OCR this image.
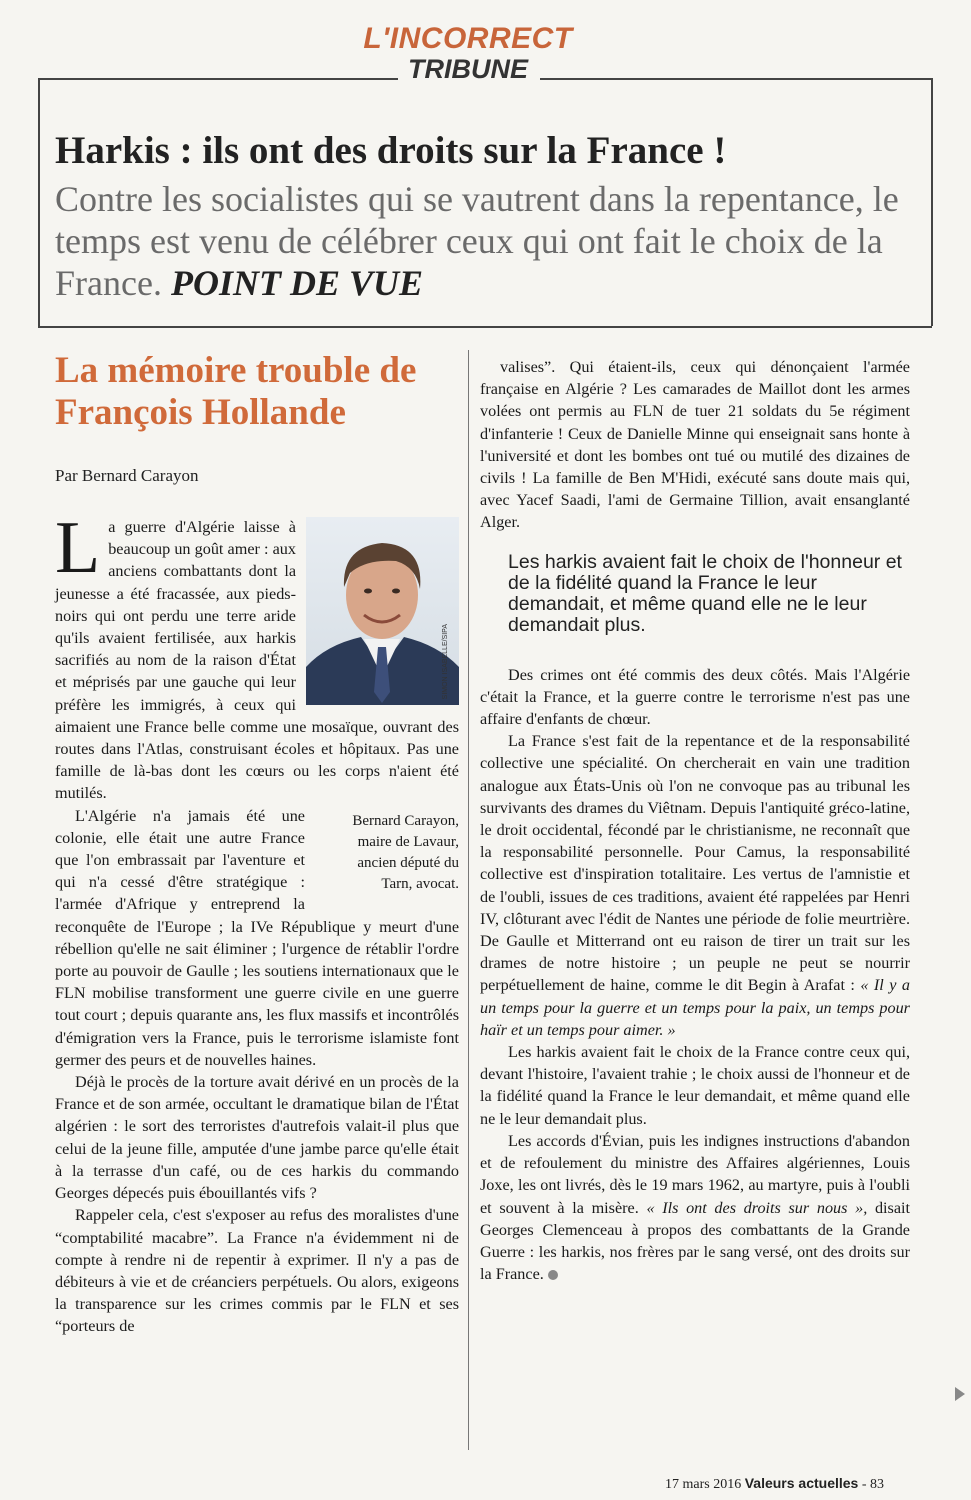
L'INCORRECT
TRIBUNE
Harkis : ils ont des droits sur la France !
Contre les socialistes qui se vautrent dans la repentance, le temps est venu de célébrer ceux qui ont fait le choix de la France. POINT DE VUE
La mémoire trouble de François Hollande
Par Bernard Carayon
L
SIMON ISABELLE/SIPA

a guerre d'Algérie laisse à beaucoup un goût amer : aux anciens combattants dont la jeunesse a été fracassée, aux pieds-noirs qui ont perdu une terre aride qu'ils avaient fertilisée, aux harkis sacrifiés au nom de la raison d'État et méprisés par une gauche qui leur préfère les immigrés, à ceux qui aimaient une France belle comme une mosaïque, ouvrant des routes dans l'Atlas, construisant écoles et hôpitaux. Pas une famille de là-bas dont les cœurs ou les corps n'aient été mutilés.

Bernard Carayon, maire de Lavaur, ancien député du Tarn, avocat.

L'Algérie n'a jamais été une colonie, elle était une autre France que l'on embrassait par l'aventure et qui n'a cessé d'être stratégique : l'armée d'Afrique y entreprend la reconquête de l'Europe ; la IVe République y meurt d'une rébellion qu'elle ne sait éliminer ; l'urgence de rétablir l'ordre porte au pouvoir de Gaulle ; les soutiens internationaux que le FLN mobilise transforment une guerre civile en une guerre tout court ; depuis quarante ans, les flux massifs et incontrôlés d'émigration vers la France, puis le terrorisme islamiste font germer des peurs et de nouvelles haines.

Déjà le procès de la torture avait dérivé en un procès de la France et de son armée, occultant le dramatique bilan de l'État algérien : le sort des terroristes d'autrefois valait-il plus que celui de la jeune fille, amputée d'une jambe parce qu'elle était à la terrasse d'un café, ou de ces harkis du commando Georges dépecés puis ébouillantés vifs ?

Rappeler cela, c'est s'exposer au refus des moralistes d'une “comptabilité macabre”. La France n'a évidemment ni de compte à rendre ni de repentir à exprimer. Il n'y a pas de débiteurs à vie et de créanciers perpétuels. Ou alors, exigeons la transparence sur les crimes commis par le FLN et ses “porteurs de

valises”. Qui étaient-ils, ceux qui dénonçaient l'armée française en Algérie ? Les camarades de Maillot dont les armes volées ont permis au FLN de tuer 21 soldats du 5e régiment d'infanterie ! Ceux de Danielle Minne qui enseignait sans honte à l'université et dont les bombes ont tué ou mutilé des dizaines de civils ! La famille de Ben M'Hidi, exécuté sans doute mais qui, avec Yacef Saadi, l'ami de Germaine Tillion, avait ensanglanté Alger.

Les harkis avaient fait le choix de l'honneur et de la fidélité quand la France le leur demandait, et même quand elle ne le leur demandait plus.

Des crimes ont été commis des deux côtés. Mais l'Algérie c'était la France, et la guerre contre le terrorisme n'est pas une affaire d'enfants de chœur.

La France s'est fait de la repentance et de la responsabilité collective une spécialité. On chercherait en vain une tradition analogue aux États-Unis où l'on ne convoque pas au tribunal les survivants des drames du Viêtnam. Depuis l'antiquité gréco-latine, le droit occidental, fécondé par le christianisme, ne reconnaît que la responsabilité personnelle. Pour Camus, la responsabilité collective est d'inspiration totalitaire. Les vertus de l'amnistie et de l'oubli, issues de ces traditions, avaient été rappelées par Henri IV, clôturant avec l'édit de Nantes une période de folie meurtrière. De Gaulle et Mitterrand ont eu raison de tirer un trait sur les drames de notre histoire ; un peuple ne peut se nourrir perpétuellement de haine, comme le dit Begin à Arafat : « Il y a un temps pour la guerre et un temps pour la paix, un temps pour haïr et un temps pour aimer. »

Les harkis avaient fait le choix de la France contre ceux qui, devant l'histoire, l'avaient trahie ; le choix aussi de l'honneur et de la fidélité quand la France le leur demandait, et même quand elle ne le leur demandait plus.

Les accords d'Évian, puis les indignes instructions d'abandon et de refoulement du ministre des Affaires algériennes, Louis Joxe, les ont livrés, dès le 19 mars 1962, au martyre, puis à l'oubli et souvent à la misère. « Ils ont des droits sur nous », disait Georges Clemenceau à propos des combattants de la Grande Guerre : les harkis, nos frères par le sang versé, ont des droits sur la France.

17 mars 2016 Valeurs actuelles - 83
